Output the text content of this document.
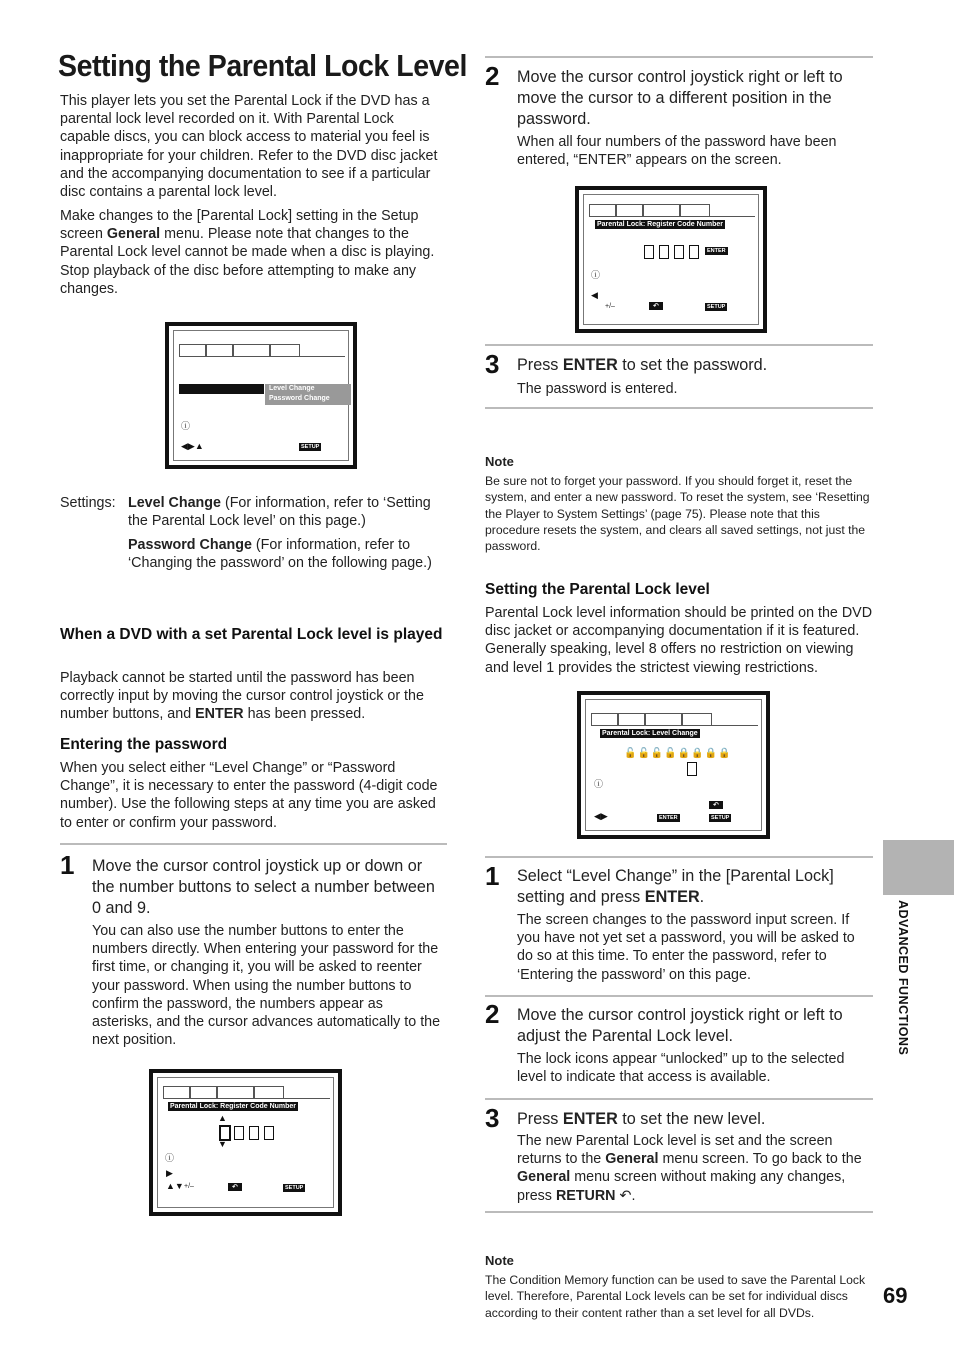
Setting the Parental Lock Level

This player lets you set the Parental Lock if the DVD has a parental lock level recorded on it. With Parental Lock capable discs, you can block access to material you feel is inappropriate for your children. Refer to the DVD disc jacket and the accompanying documentation to see if a particular disc contains a parental lock level.

Make changes to the [Parental Lock] setting in the Setup screen General menu. Please note that changes to the Parental Lock level cannot be made when a disc is playing. Stop playback of the disc before attempting to make any changes.

Level Change
Password Change
ⓘ
◀▶▲	SETUP

Settings: Level Change (For information, refer to ‘Setting the Parental Lock level’ on this page.)

Password Change (For information, refer to ‘Changing the password’ on the following page.)

When a DVD with a set Parental Lock level is played

Playback cannot be started until the password has been correctly input by moving the cursor control joystick or the number buttons, and ENTER has been pressed.

Entering the password

When you select either “Level Change” or “Password Change”, it is necessary to enter the password (4-digit code number). Use the following steps at any time you are asked to enter or confirm your password.

1 Move the cursor control joystick up or down or the number buttons to select a number between 0 and 9.

You can also use the number buttons to enter the numbers directly. When entering your password for the first time, or changing it, you will be asked to reenter your password. When using the number buttons to confirm the password, the numbers appear as asterisks, and the cursor advances automatically to the next position.

Parental Lock: Register Code Number
▲
▼
ⓘ
▶
▲▼ +/–	↶	SETUP
2 Move the cursor control joystick right or left to move the cursor to a different position in the password.

When all four numbers of the password have been entered, “ENTER” appears on the screen.

Parental Lock: Register Code Number
ENTER
ⓘ
◀
+/–	↶	SETUP
3 Press ENTER to set the password.

The password is entered.

Note

Be sure not to forget your password. If you should forget it, reset the system, and enter a new password. To reset the system, see ‘Resetting the Player to System Settings’ (page 75). Please note that this procedure resets the system, and clears all saved settings, not just the password.

Setting the Parental Lock level

Parental Lock level information should be printed on the DVD disc jacket or accompanying documentation if it is featured. Generally speaking, level 8 offers no restriction on viewing and level 1 provides the strictest viewing restrictions.

Parental Lock: Level Change
🔓🔓🔓🔓🔒🔒🔒🔒
ⓘ
◀▶
↶
ENTER	SETUP
1 Select “Level Change” in the [Parental Lock] setting and press ENTER.

The screen changes to the password input screen. If you have not yet set a password, you will be asked to do so at this time. To enter the password, refer to ‘Entering the password’ on this page.

2 Move the cursor control joystick right or left to adjust the Parental Lock level.

The lock icons appear “unlocked” up to the selected level to indicate that access is available.

3 Press ENTER to set the new level.

The new Parental Lock level is set and the screen returns to the General menu screen. To go back to the General menu screen without making any changes, press RETURN ↶.

Note

The Condition Memory function can be used to save the Parental Lock level. Therefore, Parental Lock levels can be set for individual discs according to their content rather than a set level for all DVDs.

ADVANCED FUNCTIONS
69
